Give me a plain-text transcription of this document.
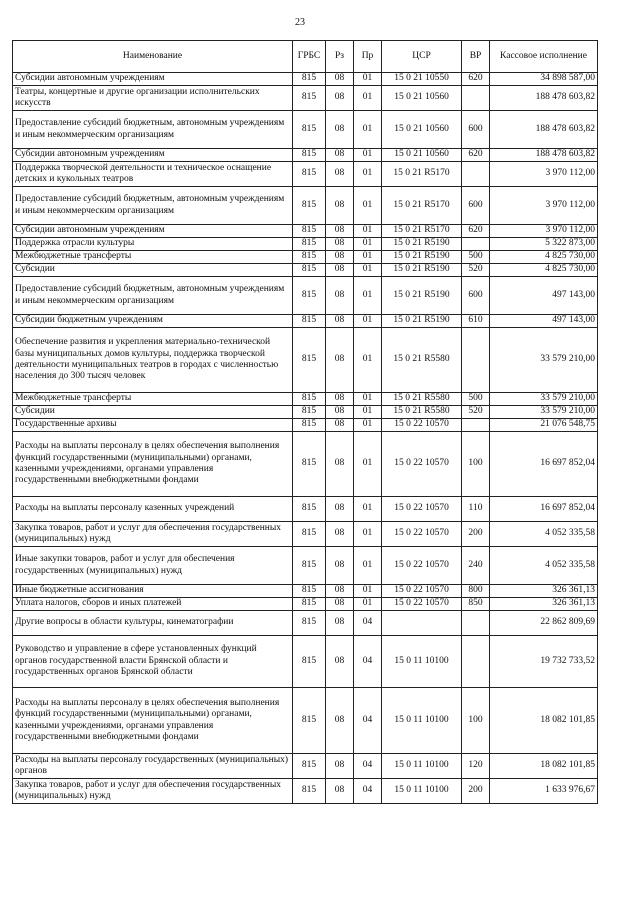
23
Наименование	ГРБС	Рз	Пр	ЦСР	ВР	Кассовое исполнение
Субсидии автономным учреждениям	815	08	01	15 0 21 10550	620	34 898 587,00
Театры, концертные и другие организации исполнительских искусств	815	08	01	15 0 21 10560		188 478 603,82
Предоставление субсидий бюджетным, автономным учреждениям и иным некоммерческим организациям	815	08	01	15 0 21 10560	600	188 478 603,82
Субсидии автономным учреждениям	815	08	01	15 0 21 10560	620	188 478 603,82
Поддержка творческой деятельности и техническое оснащение детских и кукольных театров	815	08	01	15 0 21 R5170		3 970 112,00
Предоставление субсидий бюджетным, автономным учреждениям и иным некоммерческим организациям	815	08	01	15 0 21 R5170	600	3 970 112,00
Субсидии автономным учреждениям	815	08	01	15 0 21 R5170	620	3 970 112,00
Поддержка отрасли культуры	815	08	01	15 0 21 R5190		5 322 873,00
Межбюджетные трансферты	815	08	01	15 0 21 R5190	500	4 825 730,00
Субсидии	815	08	01	15 0 21 R5190	520	4 825 730,00
Предоставление субсидий бюджетным, автономным учреждениям и иным некоммерческим организациям	815	08	01	15 0 21 R5190	600	497 143,00
Субсидии бюджетным учреждениям	815	08	01	15 0 21 R5190	610	497 143,00
Обеспечение развития и укрепления материально-технической базы муниципальных домов культуры, поддержка творческой деятельности муниципальных театров в городах с численностью населения до 300 тысяч человек	815	08	01	15 0 21 R5580		33 579 210,00
Межбюджетные трансферты	815	08	01	15 0 21 R5580	500	33 579 210,00
Субсидии	815	08	01	15 0 21 R5580	520	33 579 210,00
Государственные архивы	815	08	01	15 0 22 10570		21 076 548,75
Расходы на выплаты персоналу в целях обеспечения выполнения функций государственными (муниципальными) органами, казенными учреждениями, органами управления государственными внебюджетными фондами	815	08	01	15 0 22 10570	100	16 697 852,04
Расходы на выплаты персоналу казенных учреждений	815	08	01	15 0 22 10570	110	16 697 852,04
Закупка товаров, работ и услуг для обеспечения государственных (муниципальных) нужд	815	08	01	15 0 22 10570	200	4 052 335,58
Иные закупки товаров, работ и услуг для обеспечения государственных (муниципальных) нужд	815	08	01	15 0 22 10570	240	4 052 335,58
Иные бюджетные ассигнования	815	08	01	15 0 22 10570	800	326 361,13
Уплата налогов, сборов и иных платежей	815	08	01	15 0 22 10570	850	326 361,13
Другие вопросы в области культуры, кинематографии	815	08	04			22 862 809,69
Руководство и управление в сфере установленных функций органов государственной власти Брянской области и государственных органов Брянской области	815	08	04	15 0 11 10100		19 732 733,52
Расходы на выплаты персоналу в целях обеспечения выполнения функций государственными (муниципальными) органами, казенными учреждениями, органами управления государственными внебюджетными фондами	815	08	04	15 0 11 10100	100	18 082 101,85
Расходы на выплаты персоналу государственных (муниципальных) органов	815	08	04	15 0 11 10100	120	18 082 101,85
Закупка товаров, работ и услуг для обеспечения государственных (муниципальных) нужд	815	08	04	15 0 11 10100	200	1 633 976,67
